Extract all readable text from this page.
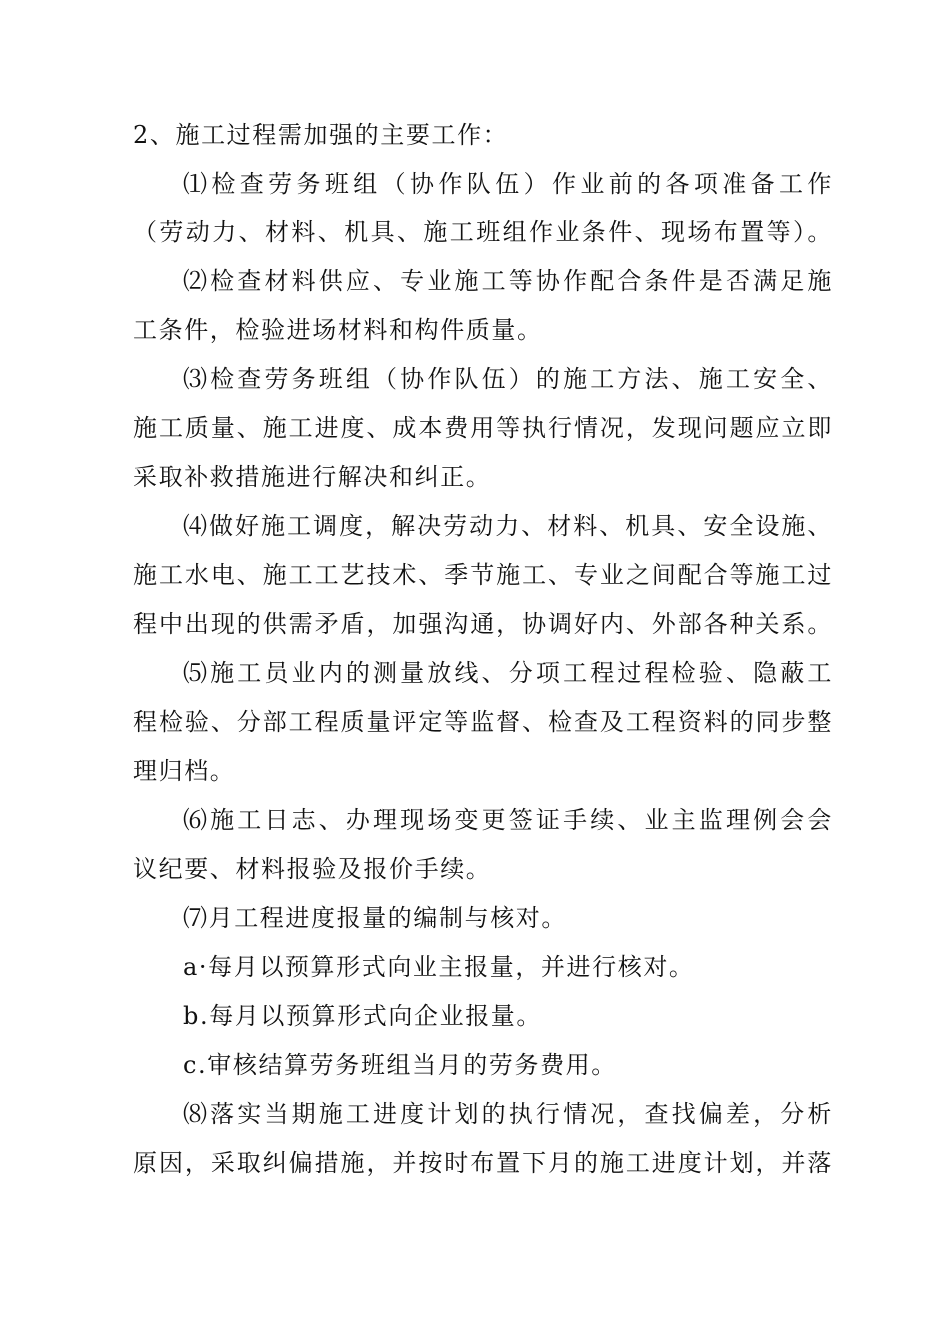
2、施工过程需加强的主要工作：
⑴检查劳务班组（协作队伍）作业前的各项准备工作
（劳动力、材料、机具、施工班组作业条件、现场布置等）。
⑵检查材料供应、专业施工等协作配合条件是否满足施
工条件，检验进场材料和构件质量。
⑶检查劳务班组（协作队伍）的施工方法、施工安全、
施工质量、施工进度、成本费用等执行情况，发现问题应立即
采取补救措施进行解决和纠正。
⑷做好施工调度，解决劳动力、材料、机具、安全设施、
施工水电、施工工艺技术、季节施工、专业之间配合等施工过
程中出现的供需矛盾，加强沟通，协调好内、外部各种关系。
⑸施工员业内的测量放线、分项工程过程检验、隐蔽工
程检验、分部工程质量评定等监督、检查及工程资料的同步整
理归档。
⑹施工日志、办理现场变更签证手续、业主监理例会会
议纪要、材料报验及报价手续。
⑺月工程进度报量的编制与核对。
a·每月以预算形式向业主报量，并进行核对。
b.每月以预算形式向企业报量。
c.审核结算劳务班组当月的劳务费用。
⑻落实当期施工进度计划的执行情况，查找偏差，分析
原因，采取纠偏措施，并按时布置下月的施工进度计划，并落
